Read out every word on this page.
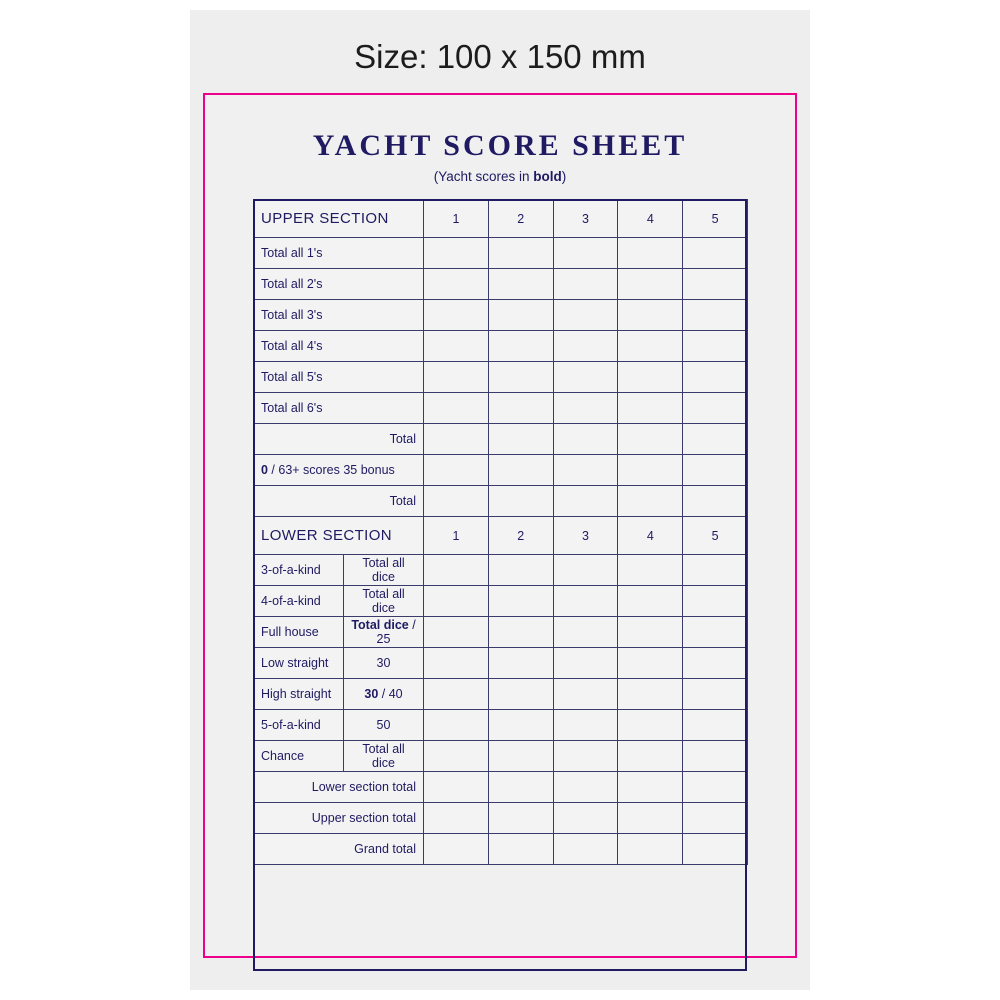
Size: 100 x 150 mm
YACHT SCORE SHEET
(Yacht scores in bold)
UPPER SECTION		1	2	3	4	5
Total all 1's						
Total all 2's						
Total all 3's						
Total all 4's						
Total all 5's						
Total all 6's						
Total						
0 / 63+ scores 35 bonus						
Total						
LOWER SECTION		1	2	3	4	5
3-of-a-kind	Total all dice					
4-of-a-kind	Total all dice					
Full house	Total dice / 25					
Low straight	30					
High straight	30 / 40					
5-of-a-kind	50					
Chance	Total all dice					
Lower section total						
Upper section total						
Grand total						
